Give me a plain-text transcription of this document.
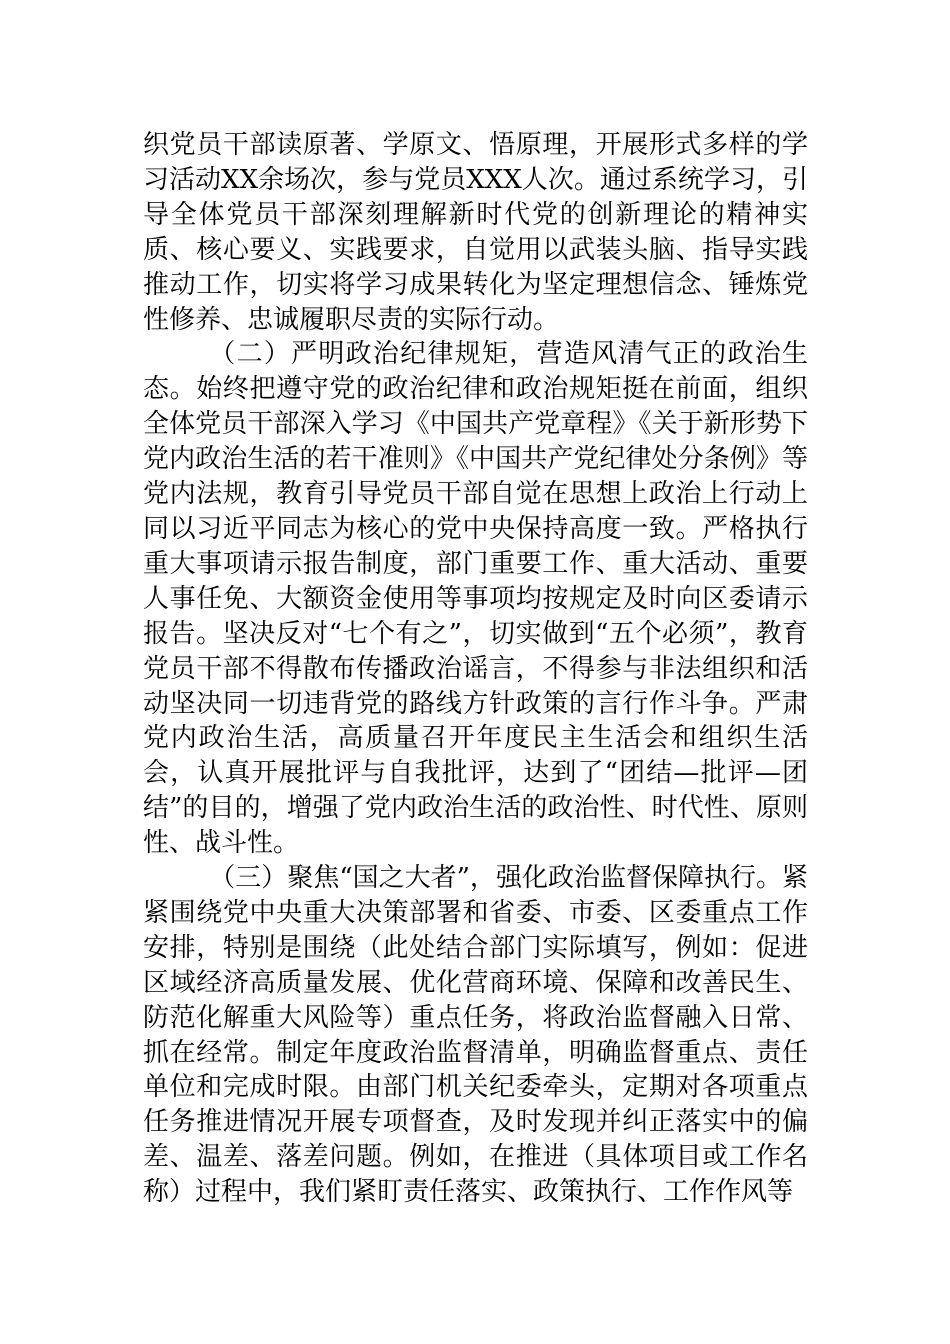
织党员干部读原著、学原文、悟原理，开展形式多样的学习活动XX余场次，参与党员XXX人次。通过系统学习，引导全体党员干部深刻理解新时代党的创新理论的精神实质、核心要义、实践要求，自觉用以武装头脑、指导实践推动工作，切实将学习成果转化为坚定理想信念、锤炼党性修养、忠诚履职尽责的实际行动。

（二）严明政治纪律规矩，营造风清气正的政治生态。始终把遵守党的政治纪律和政治规矩挺在前面，组织全体党员干部深入学习《中国共产党章程》《关于新形势下党内政治生活的若干准则》《中国共产党纪律处分条例》等党内法规，教育引导党员干部自觉在思想上政治上行动上同以习近平同志为核心的党中央保持高度一致。严格执行重大事项请示报告制度，部门重要工作、重大活动、重要人事任免、大额资金使用等事项均按规定及时向区委请示报告。坚决反对“七个有之”，切实做到“五个必须”，教育党员干部不得散布传播政治谣言，不得参与非法组织和活动坚决同一切违背党的路线方针政策的言行作斗争。严肃党内政治生活，高质量召开年度民主生活会和组织生活会，认真开展批评与自我批评，达到了“团结—批评—团结”的目的，增强了党内政治生活的政治性、时代性、原则性、战斗性。

（三）聚焦“国之大者”，强化政治监督保障执行。紧紧围绕党中央重大决策部署和省委、市委、区委重点工作安排，特别是围绕（此处结合部门实际填写，例如：促进区域经济高质量发展、优化营商环境、保障和改善民生、防范化解重大风险等）重点任务，将政治监督融入日常、抓在经常。制定年度政治监督清单，明确监督重点、责任单位和完成时限。由部门机关纪委牵头，定期对各项重点任务推进情况开展专项督查，及时发现并纠正落实中的偏差、温差、落差问题。例如，在推进（具体项目或工作名称）过程中，我们紧盯责任落实、政策执行、工作作风等
